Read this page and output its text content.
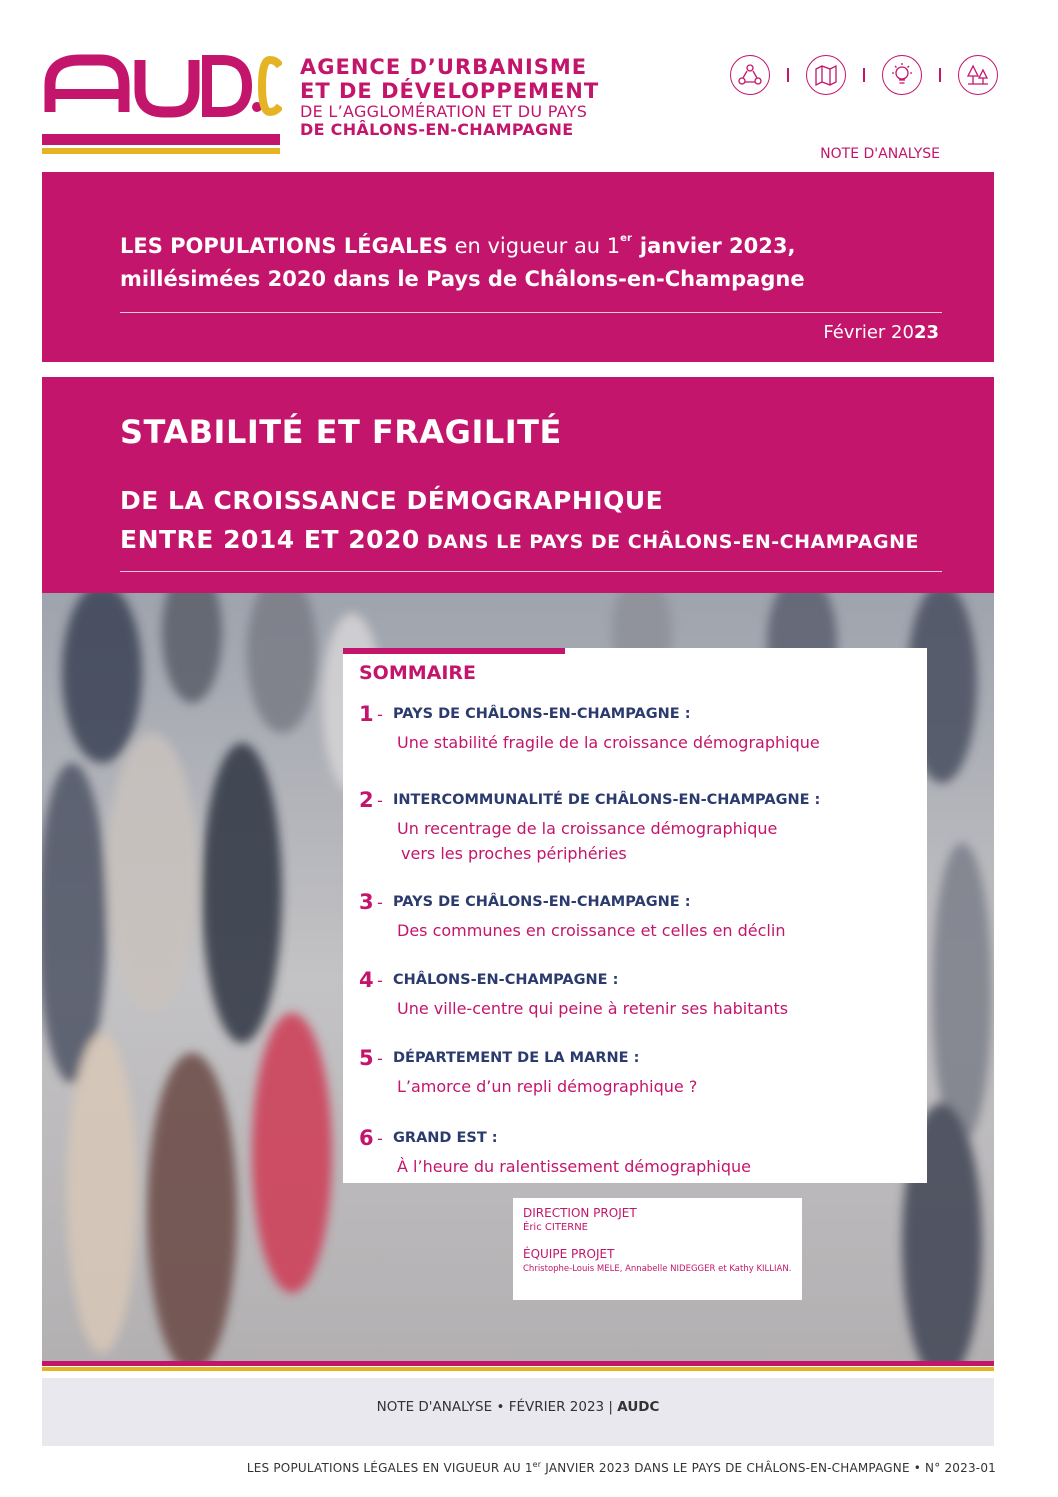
AGENCE D’URBANISME
ET DE DÉVELOPPEMENT
DE L’AGGLOMÉRATION ET DU PAYS
DE CHÂLONS-EN-CHAMPAGNE
NOTE D'ANALYSE
LES POPULATIONS LÉGALES en vigueur au 1er janvier 2023,
millésimées 2020 dans le Pays de Châlons-en-Champagne
Février 2023
STABILITÉ ET FRAGILITÉ
DE LA CROISSANCE DÉMOGRAPHIQUE
ENTRE 2014 ET 2020 DANS LE PAYS DE CHÂLONS-EN-CHAMPAGNE
SOMMAIRE
1 - PAYS DE CHÂLONS-EN-CHAMPAGNE :
Une stabilité fragile de la croissance démographique
2 - INTERCOMMUNALITÉ DE CHÂLONS-EN-CHAMPAGNE :
Un recentrage de la croissance démographique
vers les proches périphéries
3 - PAYS DE CHÂLONS-EN-CHAMPAGNE :
Des communes en croissance et celles en déclin
4 - CHÂLONS-EN-CHAMPAGNE :
Une ville-centre qui peine à retenir ses habitants
5 - DÉPARTEMENT DE LA MARNE :
L’amorce d’un repli démographique ?
6 - GRAND EST :
À l’heure du ralentissement démographique
DIRECTION PROJET
Éric CITERNE
ÉQUIPE PROJET
Christophe-Louis MELE, Annabelle NIDEGGER et Kathy KILLIAN.
NOTE D'ANALYSE • FÉVRIER 2023 | AUDC
LES POPULATIONS LÉGALES EN VIGUEUR AU 1er JANVIER 2023 DANS LE PAYS DE CHÂLONS-EN-CHAMPAGNE • N° 2023-01
